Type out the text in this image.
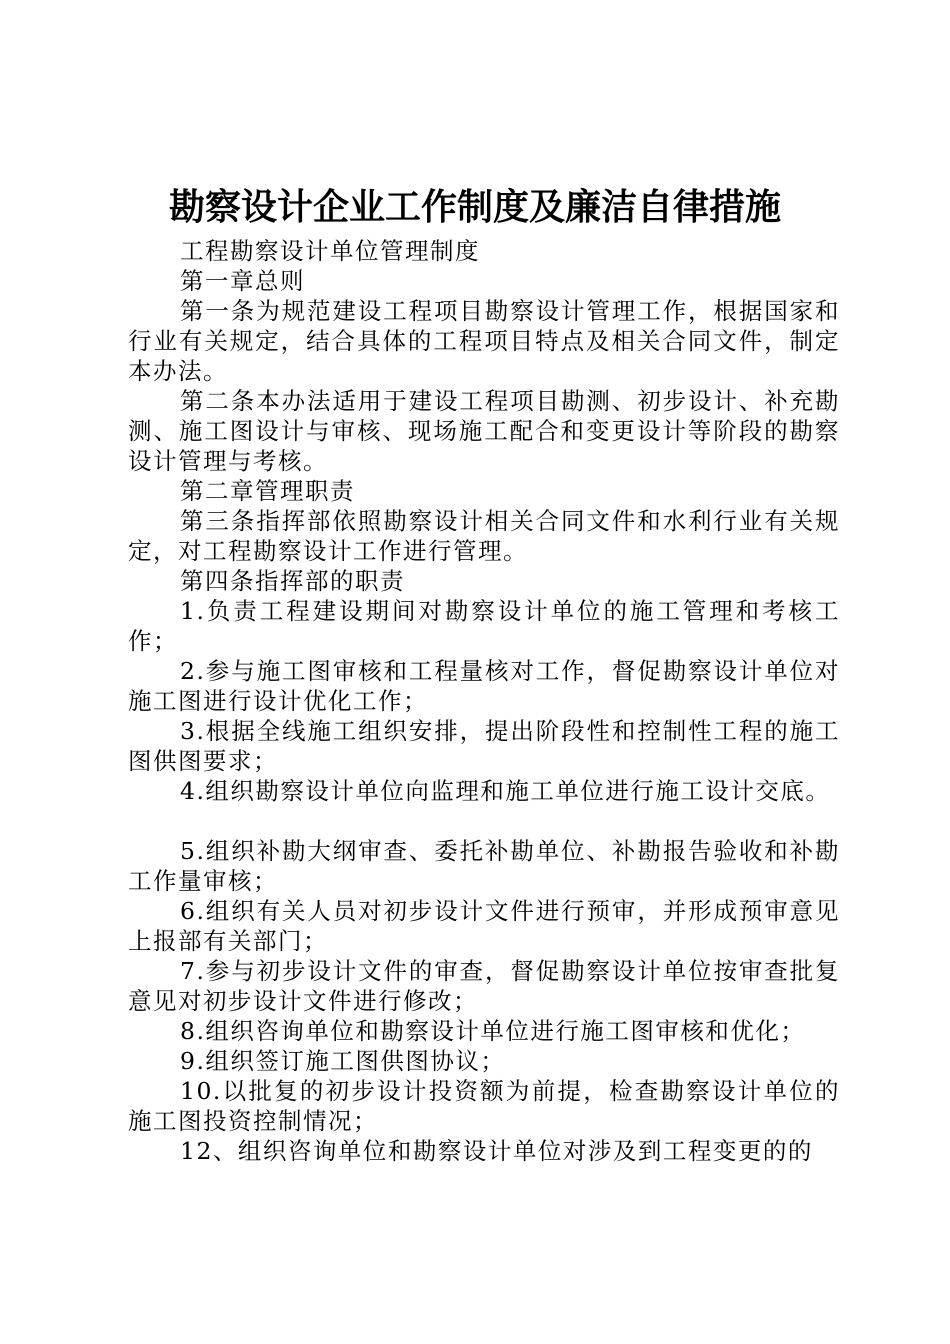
勘察设计企业工作制度及廉洁自律措施

工程勘察设计单位管理制度

第一章总则

第一条为规范建设工程项目勘察设计管理工作，根据国家和行业有关规定，结合具体的工程项目特点及相关合同文件，制定本办法。

第二条本办法适用于建设工程项目勘测、初步设计、补充勘测、施工图设计与审核、现场施工配合和变更设计等阶段的勘察设计管理与考核。

第二章管理职责

第三条指挥部依照勘察设计相关合同文件和水利行业有关规定，对工程勘察设计工作进行管理。

第四条指挥部的职责

1.负责工程建设期间对勘察设计单位的施工管理和考核工作；

2.参与施工图审核和工程量核对工作，督促勘察设计单位对施工图进行设计优化工作；

3.根据全线施工组织安排，提出阶段性和控制性工程的施工图供图要求；

4.组织勘察设计单位向监理和施工单位进行施工设计交底。

5.组织补勘大纲审查、委托补勘单位、补勘报告验收和补勘工作量审核；

6.组织有关人员对初步设计文件进行预审，并形成预审意见上报部有关部门；

7.参与初步设计文件的审查，督促勘察设计单位按审查批复意见对初步设计文件进行修改；

8.组织咨询单位和勘察设计单位进行施工图审核和优化；

9.组织签订施工图供图协议；

10.以批复的初步设计投资额为前提，检查勘察设计单位的施工图投资控制情况；

12、组织咨询单位和勘察设计单位对涉及到工程变更的的
